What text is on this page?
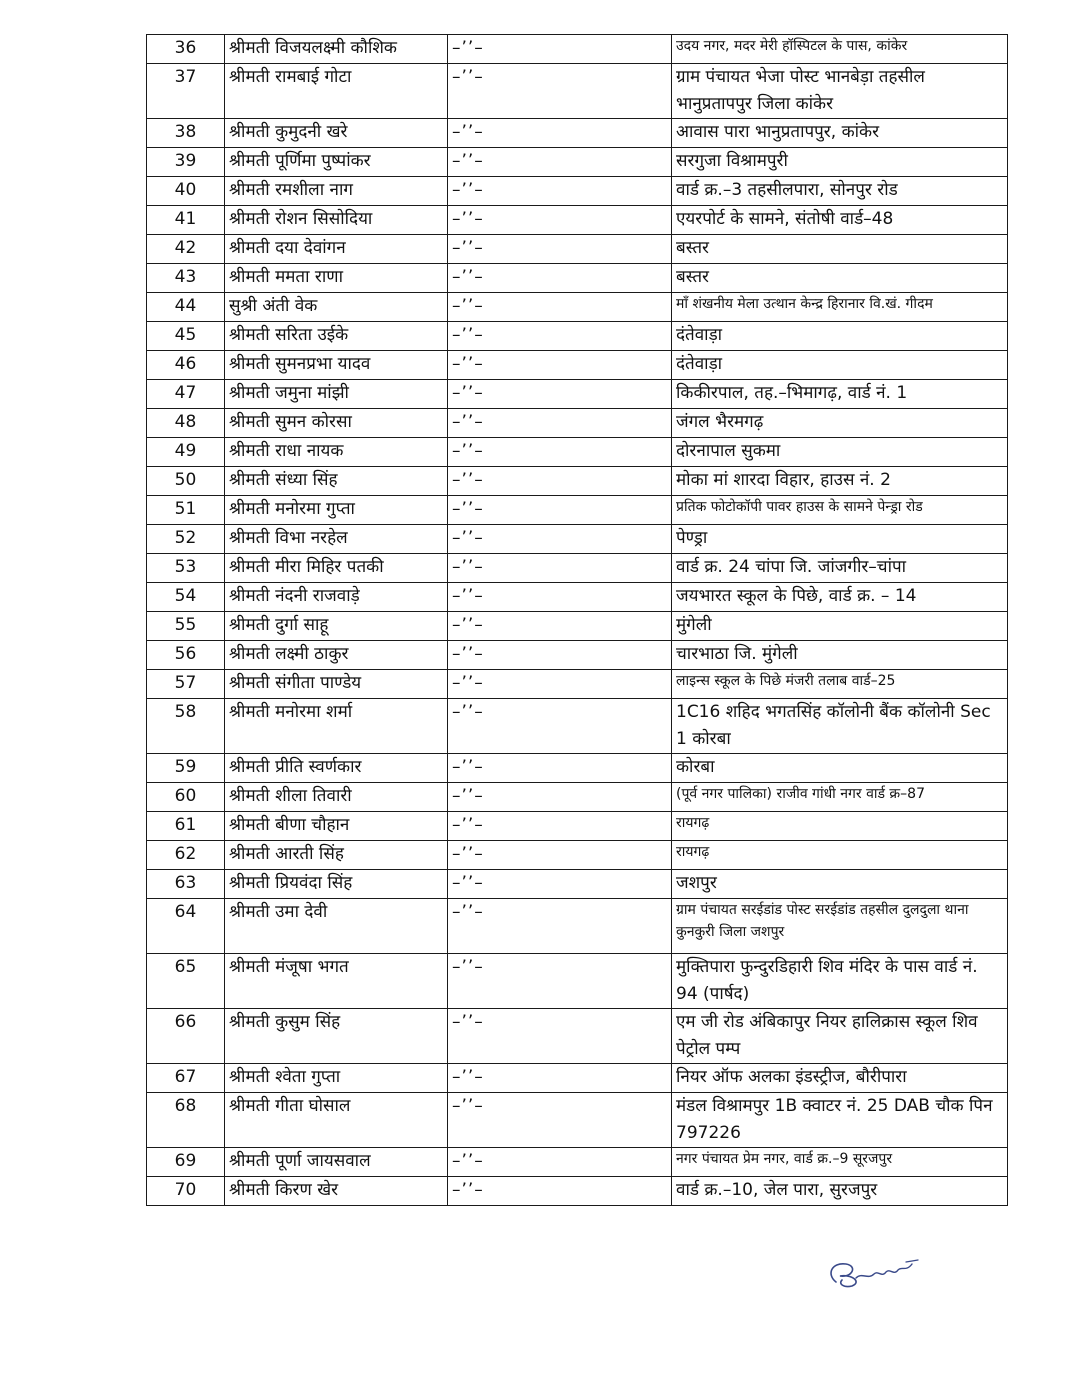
36	श्रीमती विजयलक्ष्मी कौशिक	–’’–	उदय नगर, मदर मेरी हॉस्पिटल के पास, कांकेर
37	श्रीमती रामबाई गोटा	–’’–	ग्राम पंचायत भेजा पोस्ट भानबेड़ा तहसील भानुप्रतापपुर जिला कांकेर
38	श्रीमती कुमुदनी खरे	–’’–	आवास पारा भानुप्रतापपुर, कांकेर
39	श्रीमती पूर्णिमा पुष्पांकर	–’’–	सरगुजा विश्रामपुरी
40	श्रीमती रमशीला नाग	–’’–	वार्ड क्र.–3 तहसीलपारा, सोनपुर रोड
41	श्रीमती रोशन सिसोदिया	–’’–	एयरपोर्ट के सामने, संतोषी वार्ड–48
42	श्रीमती दया देवांगन	–’’–	बस्तर
43	श्रीमती ममता राणा	–’’–	बस्तर
44	सुश्री अंती वेक	–’’–	माँ शंखनीय मेला उत्थान केन्द्र हिरानार वि.खं. गीदम
45	श्रीमती सरिता उईके	–’’–	दंतेवाड़ा
46	श्रीमती सुमनप्रभा यादव	–’’–	दंतेवाड़ा
47	श्रीमती जमुना मांझी	–’’–	किकीरपाल, तह.–भिमागढ़, वार्ड नं. 1
48	श्रीमती सुमन कोरसा	–’’–	जंगल भैरमगढ़
49	श्रीमती राधा नायक	–’’–	दोरनापाल सुकमा
50	श्रीमती संध्या सिंह	–’’–	मोका मां शारदा विहार, हाउस नं. 2
51	श्रीमती मनोरमा गुप्ता	–’’–	प्रतिक फोटोकॉपी पावर हाउस के सामने पेन्ड्रा रोड
52	श्रीमती विभा नरहेल	–’’–	पेण्ड्रा
53	श्रीमती मीरा मिहिर पतकी	–’’–	वार्ड क्र. 24 चांपा जि. जांजगीर–चांपा
54	श्रीमती नंदनी राजवाड़े	–’’–	जयभारत स्कूल के पिछे, वार्ड क्र. – 14
55	श्रीमती दुर्गा साहू	–’’–	मुंगेली
56	श्रीमती लक्ष्मी ठाकुर	–’’–	चारभाठा जि. मुंगेली
57	श्रीमती संगीता पाण्डेय	–’’–	लाइन्स स्कूल के पिछे मंजरी तलाब वार्ड–25
58	श्रीमती मनोरमा शर्मा	–’’–	1C16 शहिद भगतसिंह कॉलोनी बैंक कॉलोनी Sec 1 कोरबा
59	श्रीमती प्रीति स्वर्णकार	–’’–	कोरबा
60	श्रीमती शीला तिवारी	–’’–	(पूर्व नगर पालिका) राजीव गांधी नगर वार्ड क्र–87
61	श्रीमती बीणा चौहान	–’’–	रायगढ़
62	श्रीमती आरती सिंह	–’’–	रायगढ़
63	श्रीमती प्रियवंदा सिंह	–’’–	जशपुर
64	श्रीमती उमा देवी	–’’–	ग्राम पंचायत सरईडांड पोस्ट सरईडांड तहसील दुलदुला थाना कुनकुरी जिला जशपुर
65	श्रीमती मंजूषा भगत	–’’–	मुक्तिपारा फुन्दुरडिहारी शिव मंदिर के पास वार्ड नं. 94 (पार्षद)
66	श्रीमती कुसुम सिंह	–’’–	एम जी रोड अंबिकापुर नियर हालिक्रास स्कूल शिव पेट्रोल पम्प
67	श्रीमती श्वेता गुप्ता	–’’–	नियर ऑफ अलका इंडस्ट्रीज, बौरीपारा
68	श्रीमती गीता घोसाल	–’’–	मंडल विश्रामपुर 1B क्वाटर नं. 25 DAB चौक पिन 797226
69	श्रीमती पूर्णा जायसवाल	–’’–	नगर पंचायत प्रेम नगर, वार्ड क्र.–9 सूरजपुर
70	श्रीमती किरण खेर	–’’–	वार्ड क्र.–10, जेल पारा, सुरजपुर
